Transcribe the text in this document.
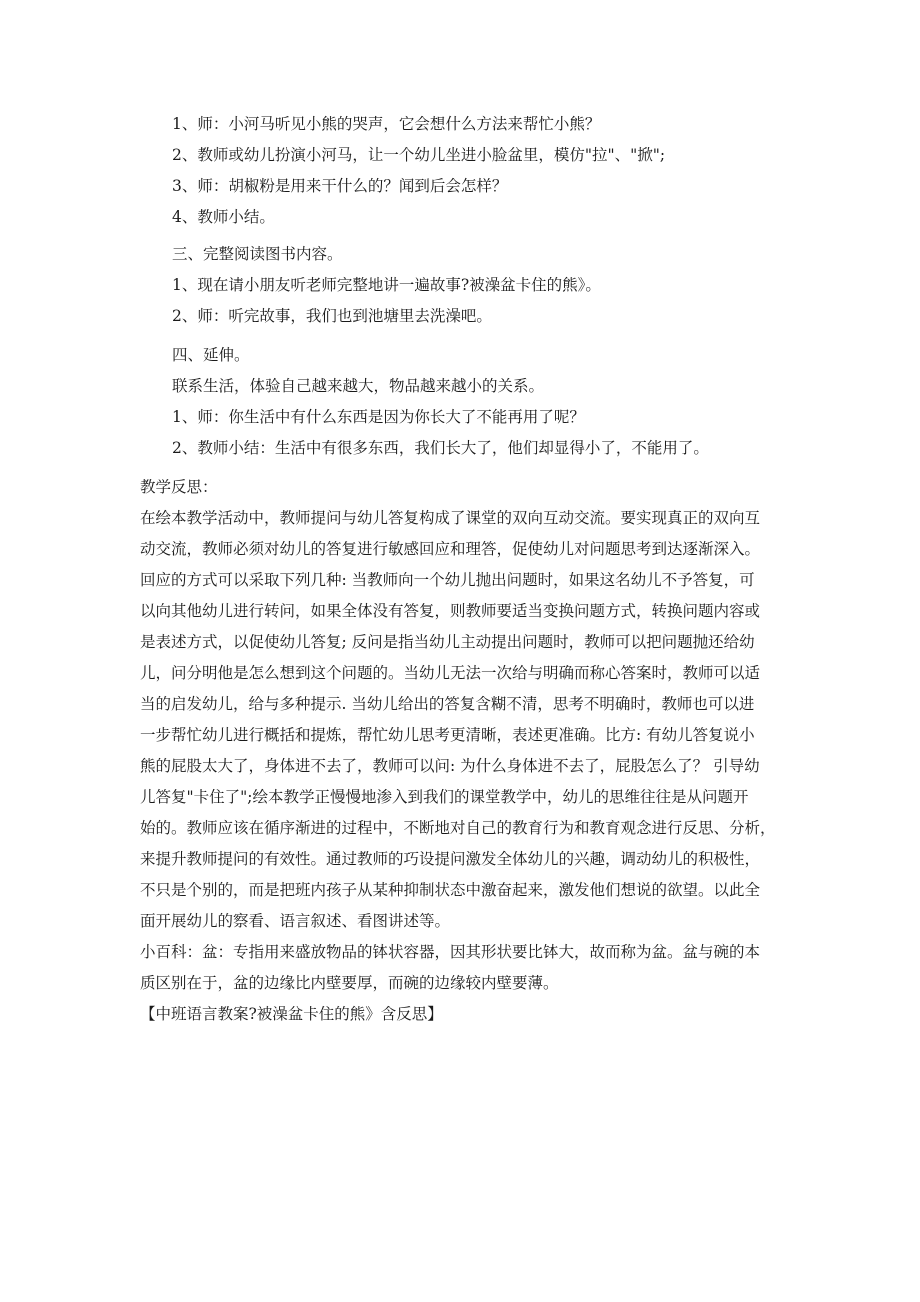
1、师：小河马听见小熊的哭声，它会想什么方法来帮忙小熊？
2、教师或幼儿扮演小河马，让一个幼儿坐进小脸盆里，模仿"拉"、"掀";
3、师：胡椒粉是用来干什么的？闻到后会怎样？
4、教师小结。
三、完整阅读图书内容。
1、现在请小朋友听老师完整地讲一遍故事?被澡盆卡住的熊》。
2、师：听完故事，我们也到池塘里去洗澡吧。
四、延伸。
联系生活，体验自己越来越大，物品越来越小的关系。
1、师：你生活中有什么东西是因为你长大了不能再用了呢？
2、教师小结：生活中有很多东西，我们长大了，他们却显得小了，不能用了。
教学反思：
在绘本教学活动中，教师提问与幼儿答复构成了课堂的双向互动交流。要实现真正的双向互
动交流，教师必须对幼儿的答复进行敏感回应和理答，促使幼儿对问题思考到达逐渐深入。
回应的方式可以采取下列几种: 当教师向一个幼儿抛出问题时，如果这名幼儿不予答复，可
以向其他幼儿进行转问，如果全体没有答复，则教师要适当变换问题方式，转换问题内容或
是表述方式，以促使幼儿答复; 反问是指当幼儿主动提出问题时，教师可以把问题抛还给幼
儿，问分明他是怎么想到这个问题的。当幼儿无法一次给与明确而称心答案时，教师可以适
当的启发幼儿，给与多种提示. 当幼儿给出的答复含糊不清，思考不明确时，教师也可以进
一步帮忙幼儿进行概括和提炼，帮忙幼儿思考更清晰，表述更准确。比方: 有幼儿答复说小
熊的屁股太大了，身体进不去了，教师可以问: 为什么身体进不去了，屁股怎么了？ 引导幼
儿答复"卡住了";绘本教学正慢慢地渗入到我们的课堂教学中，幼儿的思维往往是从问题开
始的。教师应该在循序渐进的过程中，不断地对自己的教育行为和教育观念进行反思、分析，
来提升教师提问的有效性。通过教师的巧设提问激发全体幼儿的兴趣，调动幼儿的积极性，
不只是个别的，而是把班内孩子从某种抑制状态中激奋起来，激发他们想说的欲望。以此全
面开展幼儿的察看、语言叙述、看图讲述等。
小百科：盆：专指用来盛放物品的钵状容器，因其形状要比钵大，故而称为盆。盆与碗的本
质区别在于，盆的边缘比内壁要厚，而碗的边缘较内壁要薄。
【中班语言教案?被澡盆卡住的熊》含反思】
